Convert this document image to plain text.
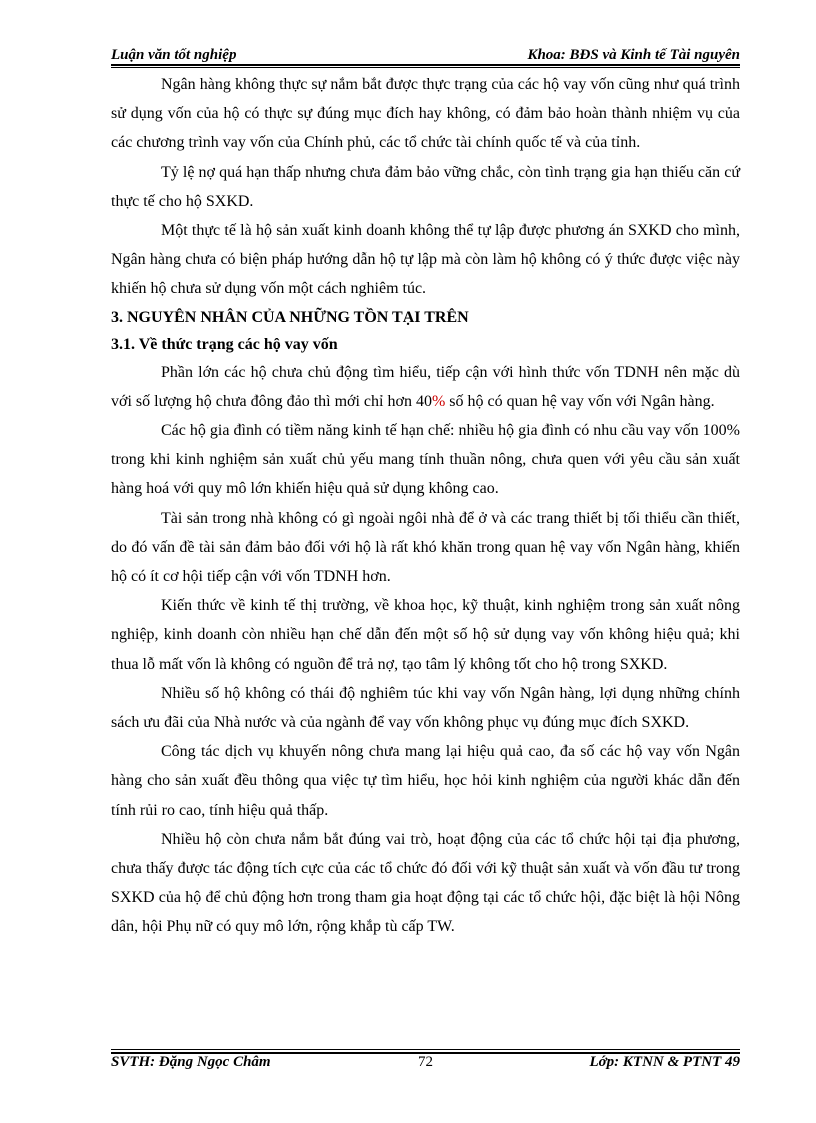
Luận văn tốt nghiệp	Khoa: BĐS và Kinh tế Tài nguyên

Ngân hàng không thực sự nắm bắt được thực trạng của các hộ vay vốn cũng như quá trình sử dụng vốn của hộ có thực sự đúng mục đích hay không, có đảm bảo hoàn thành nhiệm vụ của các chương trình vay vốn của Chính phủ, các tổ chức tài chính quốc tế và của tỉnh.

Tỷ lệ nợ quá hạn thấp nhưng chưa đảm bảo vững chắc, còn tình trạng gia hạn thiếu căn cứ thực tế cho hộ SXKD.

Một thực tế là hộ sản xuất kinh doanh không thể tự lập được phương án SXKD cho mình, Ngân hàng chưa có biện pháp hướng dẫn hộ tự lập mà còn làm hộ không có ý thức được việc này khiến hộ chưa sử dụng vốn một cách nghiêm túc.

3. NGUYÊN NHÂN CỦA NHỮNG TỒN TẠI TRÊN
3.1. Về thức trạng các hộ vay vốn

Phần lớn các hộ chưa chủ động tìm hiểu, tiếp cận với hình thức vốn TDNH nên mặc dù với số lượng hộ chưa đông đảo thì mới chỉ hơn 40% số hộ có quan hệ vay vốn với Ngân hàng.

Các hộ gia đình có tiềm năng kinh tế hạn chế: nhiều hộ gia đình có nhu cầu vay vốn 100% trong khi kinh nghiệm sản xuất chủ yếu mang tính thuần nông, chưa quen với yêu cầu sản xuất hàng hoá với quy mô lớn khiến hiệu quả sử dụng không cao.

Tài sản trong nhà không có gì ngoài ngôi nhà để ở và các trang thiết bị tối thiểu cần thiết, do đó vấn đề tài sản đảm bảo đối với hộ là rất khó khăn trong quan hệ vay vốn Ngân hàng, khiến hộ có ít cơ hội tiếp cận với vốn TDNH hơn.

Kiến thức về kinh tế thị trường, về khoa học, kỹ thuật, kinh nghiệm trong sản xuất nông nghiệp, kinh doanh còn nhiều hạn chế dẫn đến một số hộ sử dụng vay vốn không hiệu quả; khi thua lỗ mất vốn là không có nguồn để trả nợ, tạo tâm lý không tốt cho hộ trong SXKD.

Nhiều số hộ không có thái độ nghiêm túc khi vay vốn Ngân hàng, lợi dụng những chính sách ưu đãi của Nhà nước và của ngành để vay vốn không phục vụ đúng mục đích SXKD.

Công tác dịch vụ khuyến nông chưa mang lại hiệu quả cao, đa số các hộ vay vốn Ngân hàng cho sản xuất đều thông qua việc tự tìm hiểu, học hỏi kinh nghiệm của người khác dẫn đến tính rủi ro cao, tính hiệu quả thấp.

Nhiều hộ còn chưa nắm bắt đúng vai trò, hoạt động của các tổ chức hội tại địa phương, chưa thấy được tác động tích cực của các tổ chức đó đối với kỹ thuật sản xuất và vốn đầu tư trong SXKD của hộ để chủ động hơn trong tham gia hoạt động tại các tổ chức hội, đặc biệt là hội Nông dân, hội Phụ nữ có quy mô lớn, rộng khắp tù cấp TW.

SVTH: Đặng Ngọc Châm	72	Lớp: KTNN & PTNT 49
